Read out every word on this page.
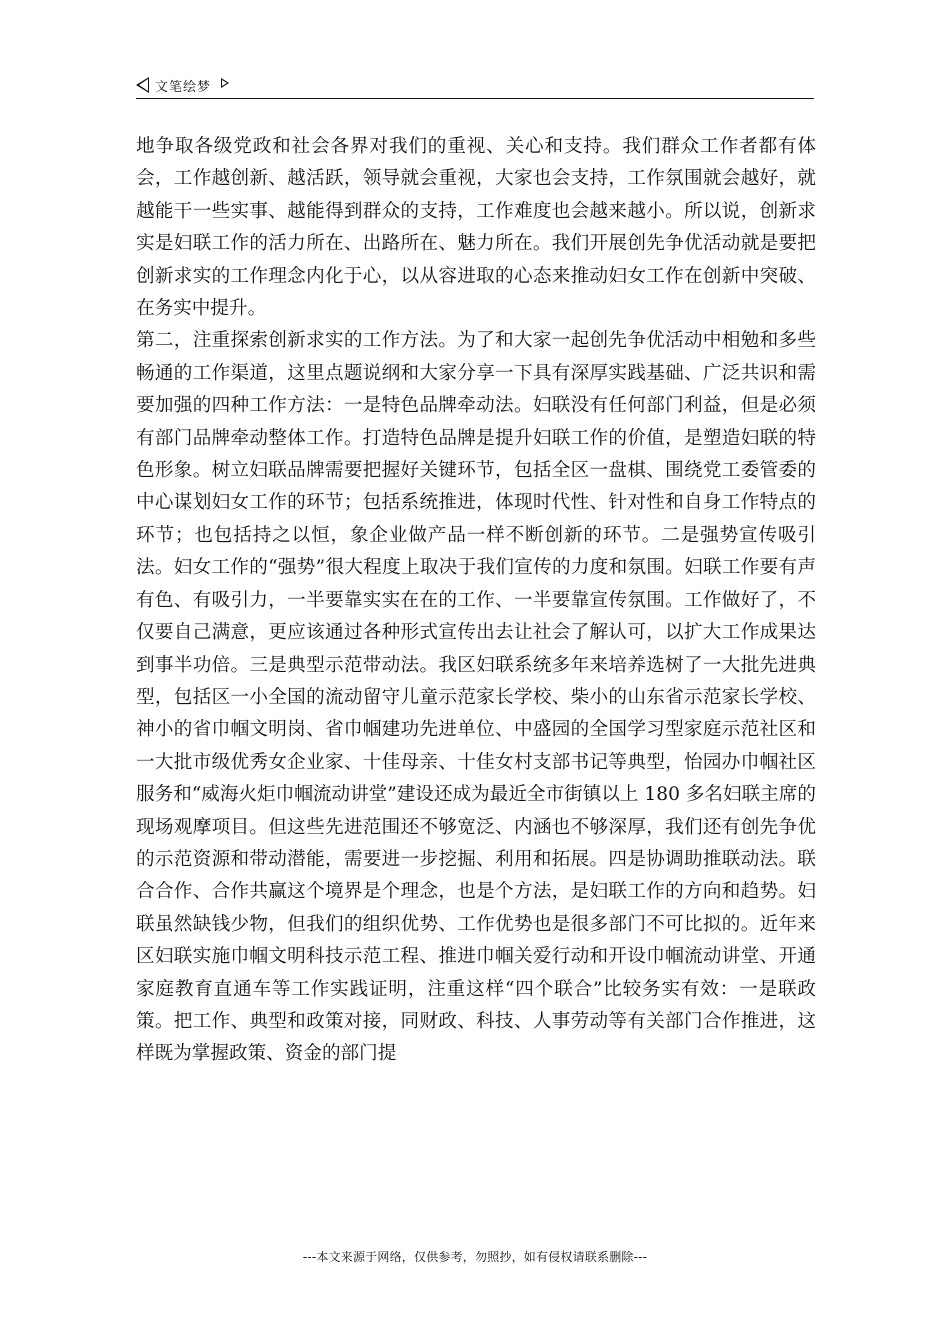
文笔绘梦

地争取各级党政和社会各界对我们的重视、关心和支持。我们群众工作者都有体会，工作越创新、越活跃，领导就会重视，大家也会支持，工作氛围就会越好，就越能干一些实事、越能得到群众的支持，工作难度也会越来越小。所以说，创新求实是妇联工作的活力所在、出路所在、魅力所在。我们开展创先争优活动就是要把创新求实的工作理念内化于心，以从容进取的心态来推动妇女工作在创新中突破、在务实中提升。

第二，注重探索创新求实的工作方法。为了和大家一起创先争优活动中相勉和多些畅通的工作渠道，这里点题说纲和大家分享一下具有深厚实践基础、广泛共识和需要加强的四种工作方法：一是特色品牌牵动法。妇联没有任何部门利益，但是必须有部门品牌牵动整体工作。打造特色品牌是提升妇联工作的价值，是塑造妇联的特色形象。树立妇联品牌需要把握好关键环节，包括全区一盘棋、围绕党工委管委的中心谋划妇女工作的环节；包括系统推进，体现时代性、针对性和自身工作特点的环节；也包括持之以恒，象企业做产品一样不断创新的环节。二是强势宣传吸引法。妇女工作的“强势”很大程度上取决于我们宣传的力度和氛围。妇联工作要有声有色、有吸引力，一半要靠实实在在的工作、一半要靠宣传氛围。工作做好了，不仅要自己满意，更应该通过各种形式宣传出去让社会了解认可，以扩大工作成果达到事半功倍。三是典型示范带动法。我区妇联系统多年来培养选树了一大批先进典型，包括区一小全国的流动留守儿童示范家长学校、柴小的山东省示范家长学校、神小的省巾帼文明岗、省巾帼建功先进单位、中盛园的全国学习型家庭示范社区和一大批市级优秀女企业家、十佳母亲、十佳女村支部书记等典型，怡园办巾帼社区服务和“威海火炬巾帼流动讲堂”建设还成为最近全市街镇以上 180 多名妇联主席的现场观摩项目。但这些先进范围还不够宽泛、内涵也不够深厚，我们还有创先争优的示范资源和带动潜能，需要进一步挖掘、利用和拓展。四是协调助推联动法。联合合作、合作共赢这个境界是个理念，也是个方法，是妇联工作的方向和趋势。妇联虽然缺钱少物，但我们的组织优势、工作优势也是很多部门不可比拟的。近年来区妇联实施巾帼文明科技示范工程、推进巾帼关爱行动和开设巾帼流动讲堂、开通家庭教育直通车等工作实践证明，注重这样“四个联合”比较务实有效：一是联政策。把工作、典型和政策对接，同财政、科技、人事劳动等有关部门合作推进，这样既为掌握政策、资金的部门提

---本文来源于网络，仅供参考，勿照抄，如有侵权请联系删除---
